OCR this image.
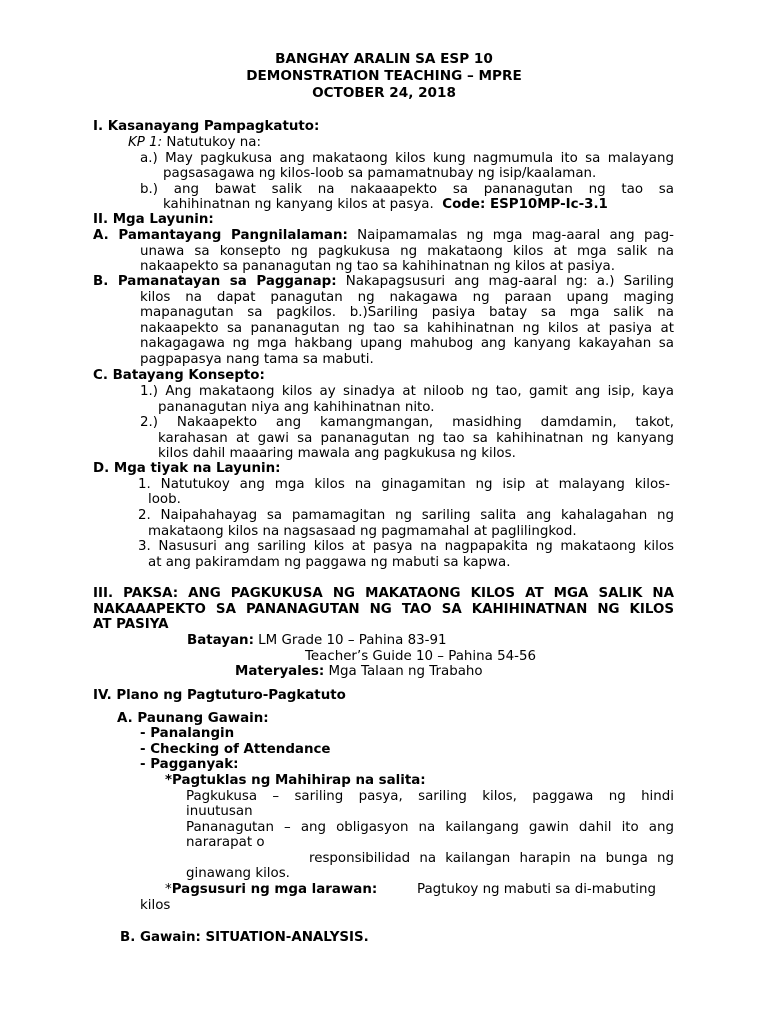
BANGHAY ARALIN SA ESP 10
DEMONSTRATION TEACHING – MPRE
OCTOBER 24, 2018
I. Kasanayang Pampagkatuto:
KP 1: Natutukoy na:
a.) May pagkukusa ang makataong kilos kung nagmumula ito sa malayang
pagsasagawa ng kilos-loob sa pamamatnubay ng isip/kaalaman.
b.) ang bawat salik na nakaaapekto sa pananagutan ng tao sa
kahihinatnan ng kanyang kilos at pasya. Code: ESP10MP-Ic-3.1
II. Mga Layunin:
A. Pamantayang Pangnilalaman: Naipamamalas ng mga mag-aaral ang pag-
unawa sa konsepto ng pagkukusa ng makataong kilos at mga salik na
nakaapekto sa pananagutan ng tao sa kahihinatnan ng kilos at pasiya.
B. Pamanatayan sa Pagganap: Nakapagsusuri ang mag-aaral ng: a.) Sariling
kilos na dapat panagutan ng nakagawa ng paraan upang maging
mapanagutan sa pagkilos. b.)Sariling pasiya batay sa mga salik na
nakaapekto sa pananagutan ng tao sa kahihinatnan ng kilos at pasiya at
nakagagawa ng mga hakbang upang mahubog ang kanyang kakayahan sa
pagpapasya nang tama sa mabuti.
C. Batayang Konsepto:
1.) Ang makataong kilos ay sinadya at niloob ng tao, gamit ang isip, kaya
pananagutan niya ang kahihinatnan nito.
2.) Nakaapekto ang kamangmangan, masidhing damdamin, takot,
karahasan at gawi sa pananagutan ng tao sa kahihinatnan ng kanyang
kilos dahil maaaring mawala ang pagkukusa ng kilos.
D. Mga tiyak na Layunin:
1. Natutukoy ang mga kilos na ginagamitan ng isip at malayang kilos-
loob.
2. Naipahahayag sa pamamagitan ng sariling salita ang kahalagahan ng
makataong kilos na nagsasaad ng pagmamahal at paglilingkod.
3. Nasusuri ang sariling kilos at pasya na nagpapakita ng makataong kilos
at ang pakiramdam ng paggawa ng mabuti sa kapwa.
III. PAKSA: ANG PAGKUKUSA NG MAKATAONG KILOS AT MGA SALIK NA
NAKAAAPEKTO SA PANANAGUTAN NG TAO SA KAHIHINATNAN NG KILOS
AT PASIYA
Batayan: LM Grade 10 – Pahina 83-91
Teacher’s Guide 10 – Pahina 54-56
Materyales: Mga Talaan ng Trabaho
IV. Plano ng Pagtuturo-Pagkatuto
A. Paunang Gawain:
- Panalangin
- Checking of Attendance
- Pagganyak:
*Pagtuklas ng Mahihirap na salita:
Pagkukusa – sariling pasya, sariling kilos, paggawa ng hindi
inuutusan
Pananagutan – ang obligasyon na kailangang gawin dahil ito ang
nararapat o
responsibilidad na kailangan harapin na bunga ng
ginawang kilos.
*Pagsusuri ng mga larawan:	Pagtukoy ng mabuti sa di-mabuting
kilos
B. Gawain: SITUATION-ANALYSIS.
